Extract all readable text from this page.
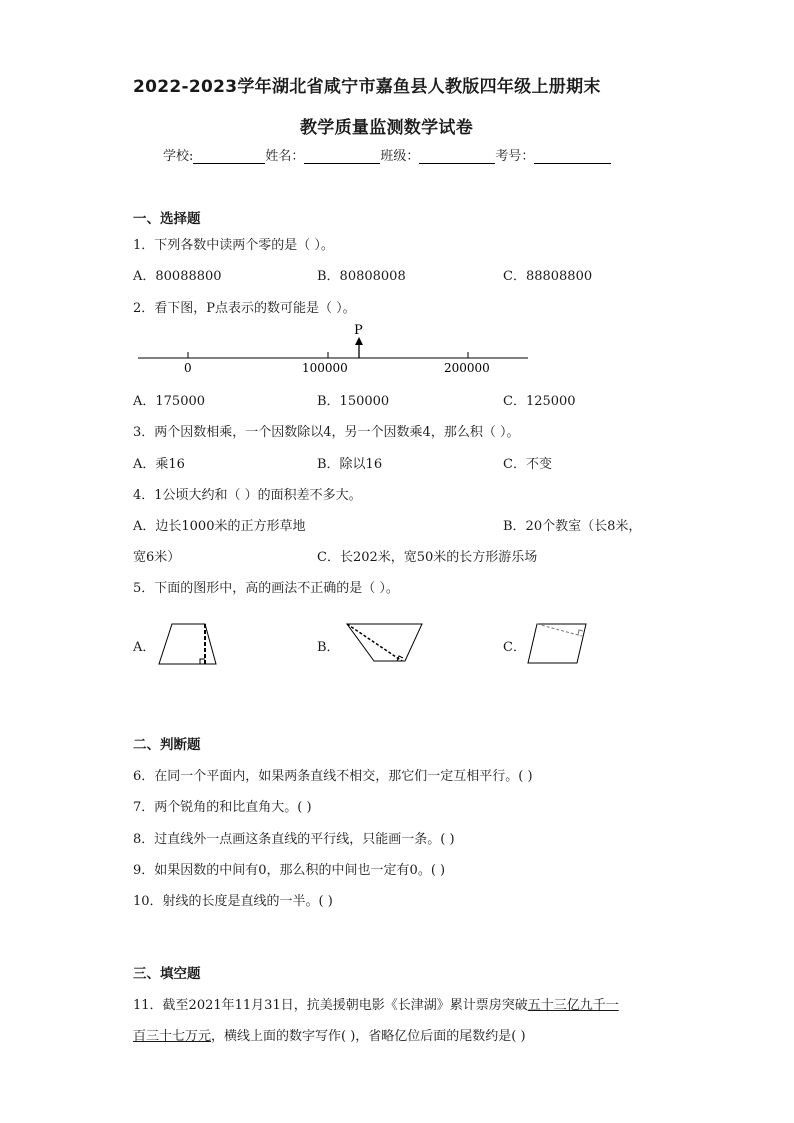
2022-2023学年湖北省咸宁市嘉鱼县人教版四年级上册期末
教学质量监测数学试卷
学校:	姓名：	班级：	考号：
一、选择题
1．下列各数中读两个零的是（ ）。
A．80088800	B．80808008	C．88808800
2．看下图，P点表示的数可能是（ ）。
P
0	100000	200000
A．175000	B．150000	C．125000
3．两个因数相乘，一个因数除以4，另一个因数乘4，那么积（ ）。
A．乘16	B．除以16	C．不变
4．1公顷大约和（ ）的面积差不多大。
A．边长1000米的正方形草地	B．20个教室（长8米，
宽6米）	C．长202米，宽50米的长方形游乐场
5．下面的图形中，高的画法不正确的是（ ）。
A．	B．	C．
二、判断题
6．在同一个平面内，如果两条直线不相交，那它们一定互相平行。( )
7．两个锐角的和比直角大。( )
8．过直线外一点画这条直线的平行线，只能画一条。( )
9．如果因数的中间有0，那么积的中间也一定有0。( )
10．射线的长度是直线的一半。( )
三、填空题
11．截至2021年11月31日，抗美援朝电影《长津湖》累计票房突破五十三亿九千一
百三十七万元，横线上面的数字写作( )，省略亿位后面的尾数约是( )
